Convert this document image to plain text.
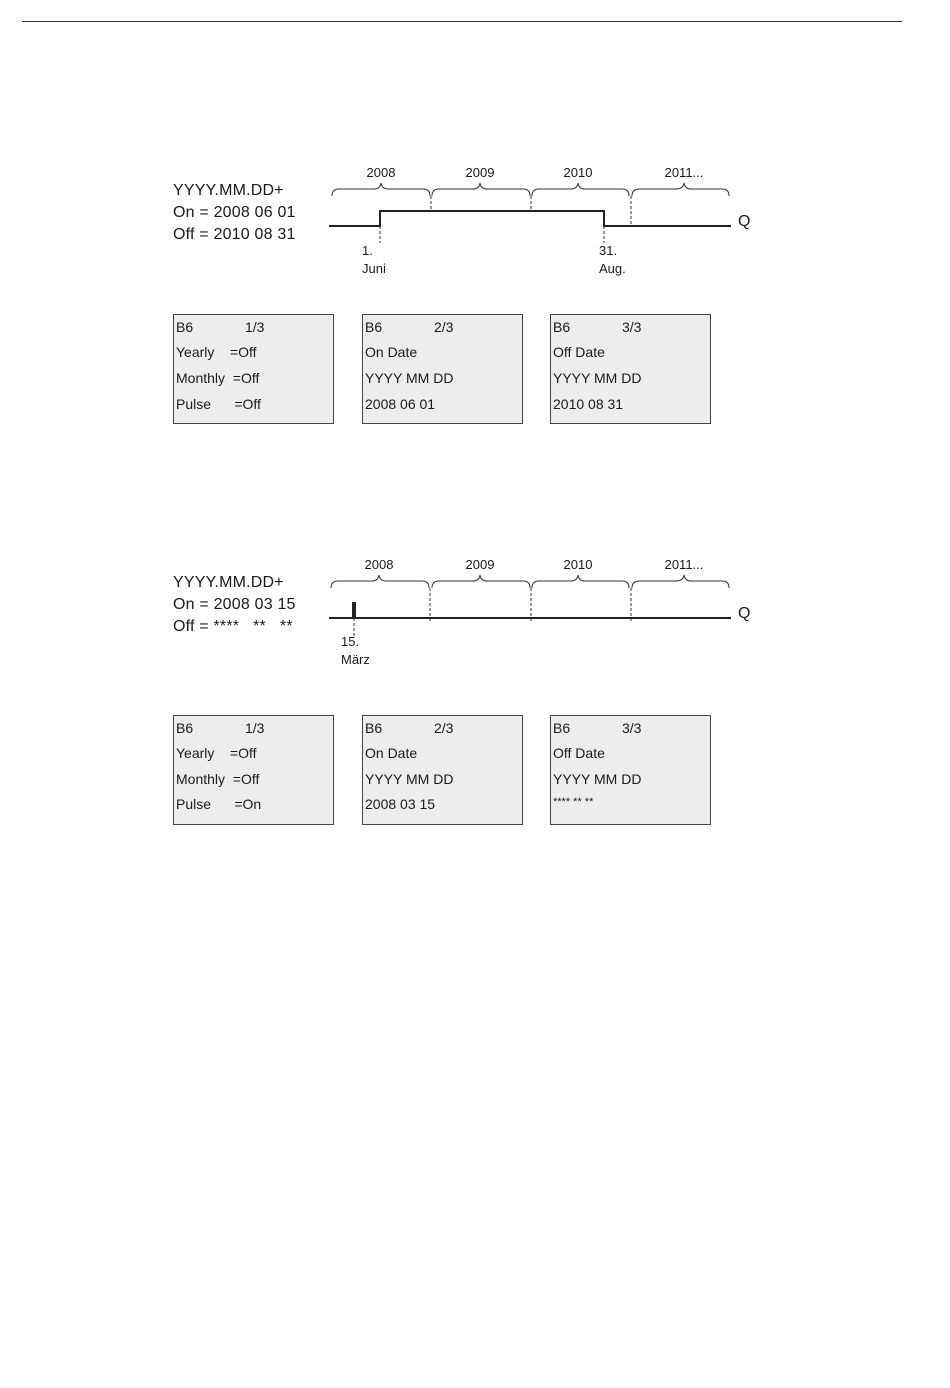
YYYY.MM.DD+
On = 2008 06 01
Off = 2010 08 31
2008	2009	2010	2011...
Q
1.
Juni
31.
Aug.
B6	1/3
Yearly    =Off
Monthly  =Off
Pulse      =Off
B6	2/3
On Date
YYYY MM DD
2008 06 01
B6	3/3
Off Date
YYYY MM DD
2010 08 31
YYYY.MM.DD+
On = 2008 03 15
Off = ****   **   **
2008	2009	2010	2011...
Q
15.
März
B6	1/3
Yearly    =Off
Monthly  =Off
Pulse      =On
B6	2/3
On Date
YYYY MM DD
2008 03 15
B6	3/3
Off Date
YYYY MM DD
**** ** **
